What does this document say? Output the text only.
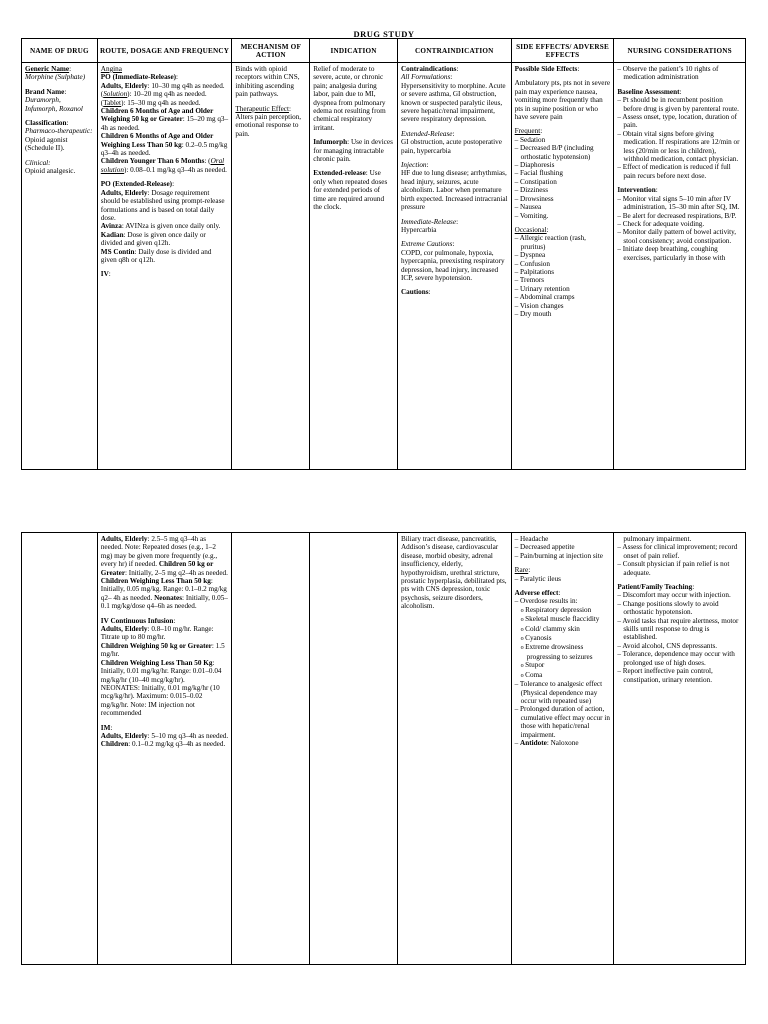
DRUG STUDY
NAME OF DRUG

Generic Name:

Morphine (Sulphate)

Brand Name:

Duramorph, Infumorph, Roxanol

Classification:

Pharmaco-therapeutic:

Opioid agonist (Schedule II).

Clinical:

Opioid analgesic.

ROUTE, DOSAGE AND FREQUENCY

Angina

PO (Immediate-Release):

Adults, Elderly: 10–30 mg q4h as needed. (Solution): 10–20 mg q4h as needed. (Tablet): 15–30 mg q4h as needed.

Children 6 Months of Age and Older Weighing 50 kg or Greater: 15–20 mg q3–4h as needed.

Children 6 Months of Age and Older Weighing Less Than 50 kg: 0.2–0.5 mg/kg q3–4h as needed.

Children Younger Than 6 Months: (Oral solution): 0.08–0.1 mg/kg q3–4h as needed.

PO (Extended-Release):

Adults, Elderly: Dosage requirement should be established using prompt-release formulations and is based on total daily dose.

Avinza: AVINza is given once daily only.

Kadian: Dose is given once daily or divided and given q12h.

MS Contin: Daily dose is divided and given q8h or q12h.

IV:

MECHANISM OF ACTION

Binds with opioid receptors within CNS, inhibiting ascending pain pathways.

Therapeutic Effect: Alters pain perception, emotional response to pain.

INDICATION

Relief of moderate to severe, acute, or chronic pain; analgesia during labor, pain due to MI, dyspnea from pulmonary edema not resulting from chemical respiratory irritant.

Infumorph: Use in devices for managing intractable chronic pain.

Extended-release: Use only when repeated doses for extended periods of time are required around the clock.

CONTRAINDICATION

Contraindications:

All Formulations:

Hypersensitivity to morphine. Acute or severe asthma, GI obstruction, known or suspected paralytic ileus, severe hepatic/renal impairment, severe respiratory depression.

Extended-Release:

GI obstruction, acute postoperative pain, hypercarbia

Injection:

HF due to lung disease; arrhythmias, head injury, seizures, acute alcoholism. Labor when premature birth expected. Increased intracranial pressure

Immediate-Release:

Hypercarbia

Extreme Cautions:

COPD, cor pulmonale, hypoxia, hypercapnia, preexisting respiratory depression, head injury, increased ICP, severe hypotension.

Cautions:

SIDE EFFECTS/ ADVERSE EFFECTS

Possible Side Effects:

Ambulatory pts, pts not in severe pain may experience nausea, vomiting more frequently than pts in supine position or who have severe pain

Frequent:

– Sedation

– Decreased B/P (including orthostatic hypotension)

– Diaphoresis

– Facial flushing

– Constipation

– Dizziness

– Drowsiness

– Nausea

– Vomiting.

Occasional:

– Allergic reaction (rash, pruritus)

– Dyspnea

– Confusion

– Palpitations

– Tremors

– Urinary retention

– Abdominal cramps

– Vision changes

– Dry mouth

NURSING CONSIDERATIONS

– Observe the patient’s 10 rights of medication administration

Baseline Assessment:

– Pt should be in recumbent position before drug is given by parenteral route.

– Assess onset, type, location, duration of pain.

– Obtain vital signs before giving medication. If respirations are 12/min or less (20/min or less in children), withhold medication, contact physician.

– Effect of medication is reduced if full pain recurs before next dose.

Intervention:

– Monitor vital signs 5–10 min after IV administration, 15–30 min after SQ, IM.

– Be alert for decreased respirations, B/P.

– Check for adequate voiding.

– Monitor daily pattern of bowel activity, stool consistency; avoid constipation.

– Initiate deep breathing, coughing exercises, particularly in those with

Adults, Elderly: 2.5–5 mg q3–4h as needed. Note: Repeated doses (e.g., 1–2 mg) may be given more frequently (e.g., every hr) if needed. Children 50 kg or Greater: Initially, 2–5 mg q2–4h as needed.

Children Weighing Less Than 50 kg: Initially, 0.05 mg/kg. Range: 0.1–0.2 mg/kg q2– 4h as needed. Neonates: Initially, 0.05–0.1 mg/kg/dose q4–6h as needed.

IV Continuous Infusion:

Adults, Elderly: 0.8–10 mg/hr. Range: Titrate up to 80 mg/hr.

Children Weighing 50 kg or Greater: 1.5 mg/hr.

Children Weighing Less Than 50 Kg: Initially, 0.01 mg/kg/hr. Range: 0.01–0.04 mg/kg/hr (10–40 mcg/kg/hr).

NEONATES: Initially, 0.01 mg/kg/hr (10 mcg/kg/hr). Maximum: 0.015–0.02 mg/kg/hr. Note: IM injection not recommended

IM:

Adults, Elderly: 5–10 mg q3–4h as needed. Children: 0.1–0.2 mg/kg q3–4h as needed.

Biliary tract disease, pancreatitis, Addison’s disease, cardiovascular disease, morbid obesity, adrenal insufficiency, elderly, hypothyroidism, urethral stricture, prostatic hyperplasia, debilitated pts, pts with CNS depression, toxic psychosis, seizure disorders, alcoholism.

– Headache

– Decreased appetite

– Pain/burning at injection site

Rare:

– Paralytic ileus

Adverse effect:

– Overdose results in:

o Respiratory depression

o Skeletal muscle flaccidity

o Cold/ clammy skin

o Cyanosis

o Extreme drowsiness progressing to seizures

o Stupor

o Coma

– Tolerance to analgesic effect (Physical dependence may occur with repeated use)

– Prolonged duration of action, cumulative effect may occur in those with hepatic/renal impairment.

– Antidote: Naloxone

pulmonary impairment.

– Assess for clinical improvement; record onset of pain relief.

– Consult physician if pain relief is not adequate.

Patient/Family Teaching:

– Discomfort may occur with injection.

– Change positions slowly to avoid orthostatic hypotension.

– Avoid tasks that require alertness, motor skills until response to drug is established.

– Avoid alcohol, CNS depressants.

– Tolerance, dependence may occur with prolonged use of high doses.

– Report ineffective pain control, constipation, urinary retention.
